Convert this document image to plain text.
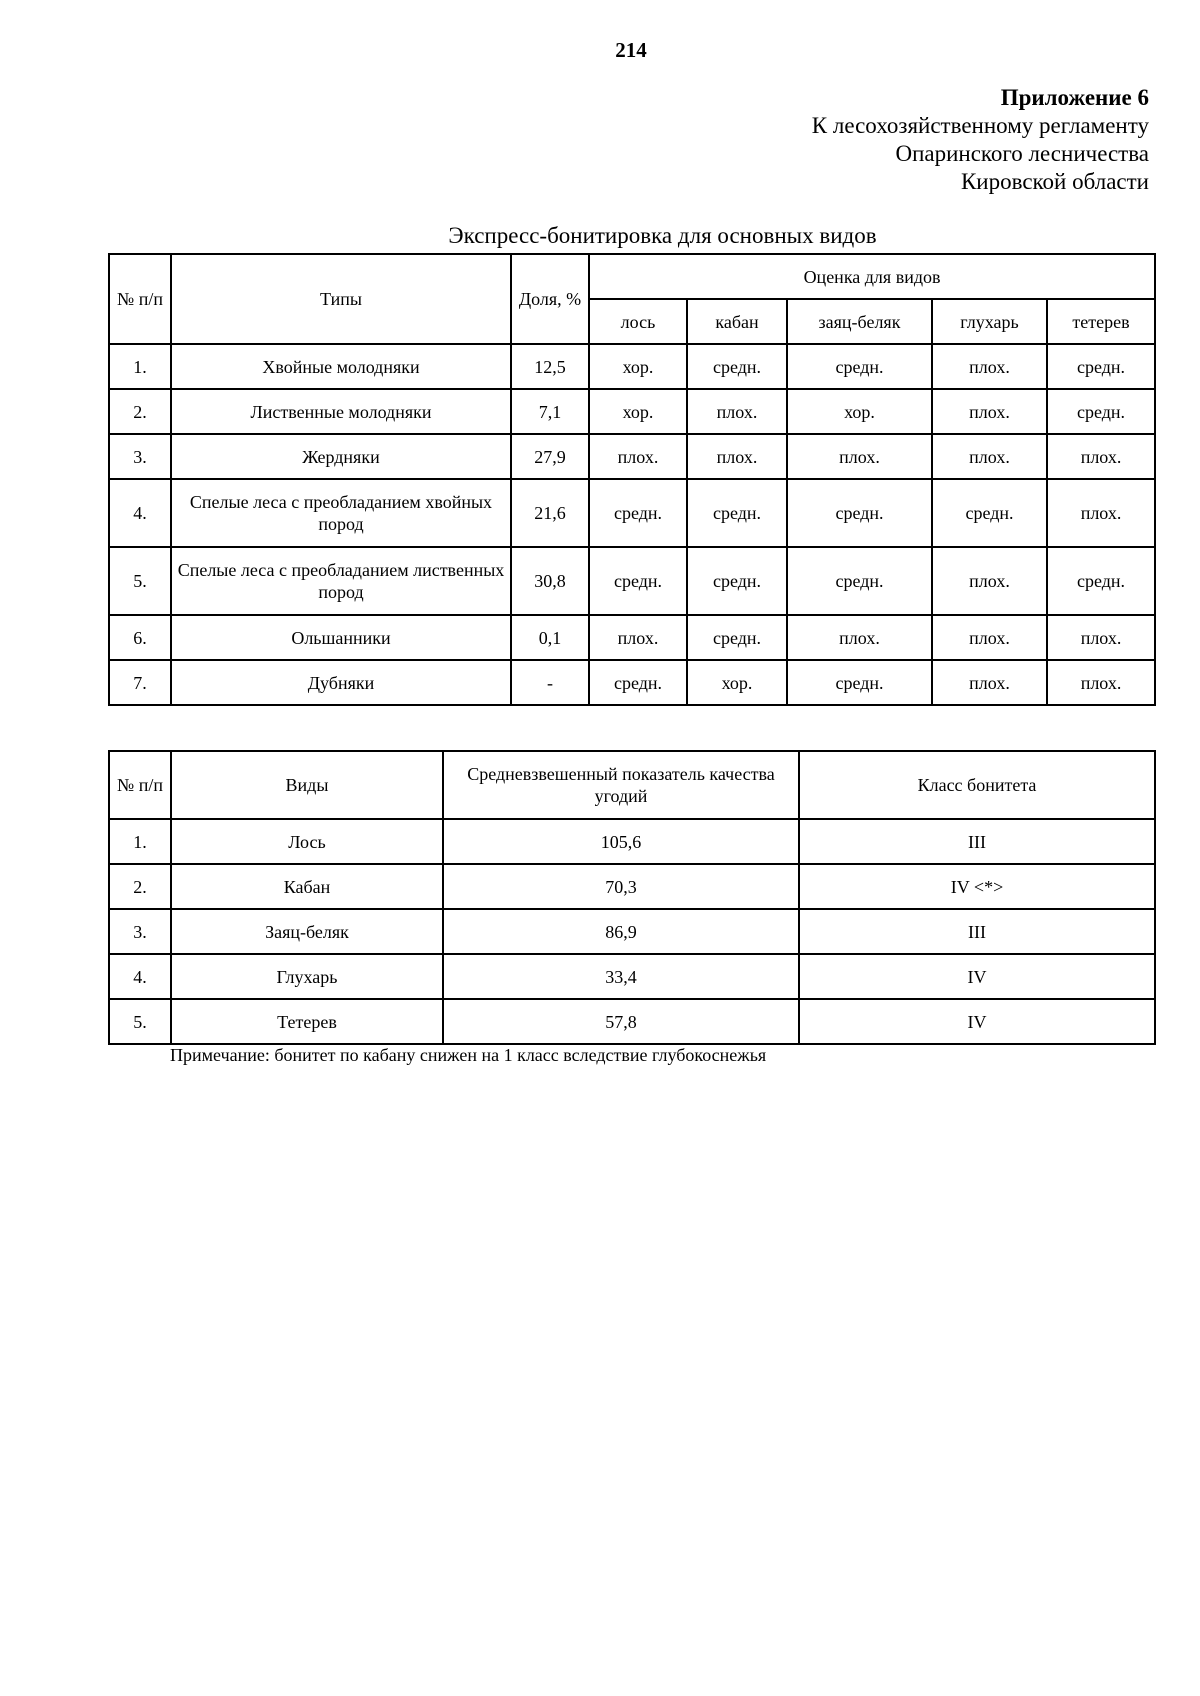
214
Приложение 6
К лесохозяйственному регламенту
Опаринского лесничества
Кировской области
Экспресс-бонитировка для основных видов
№ п/п	Типы	Доля, %	Оценка для видов				
			лось	кабан	заяц-беляк	глухарь	тетерев
1.	Хвойные молодняки	12,5	хор.	средн.	средн.	плох.	средн.
2.	Лиственные молодняки	7,1	хор.	плох.	хор.	плох.	средн.
3.	Жердняки	27,9	плох.	плох.	плох.	плох.	плох.
4.	Спелые леса с преобладанием хвойных пород	21,6	средн.	средн.	средн.	средн.	плох.
5.	Спелые леса с преобладанием лиственных пород	30,8	средн.	средн.	средн.	плох.	средн.
6.	Ольшанники	0,1	плох.	средн.	плох.	плох.	плох.
7.	Дубняки	-	средн.	хор.	средн.	плох.	плох.
№ п/п	Виды	Средневзвешенный показатель качества угодий	Класс бонитета
1.	Лось	105,6	III
2.	Кабан	70,3	IV <*>
3.	Заяц-беляк	86,9	III
4.	Глухарь	33,4	IV
5.	Тетерев	57,8	IV
Примечание: бонитет по кабану снижен на 1 класс вследствие глубокоснежья
